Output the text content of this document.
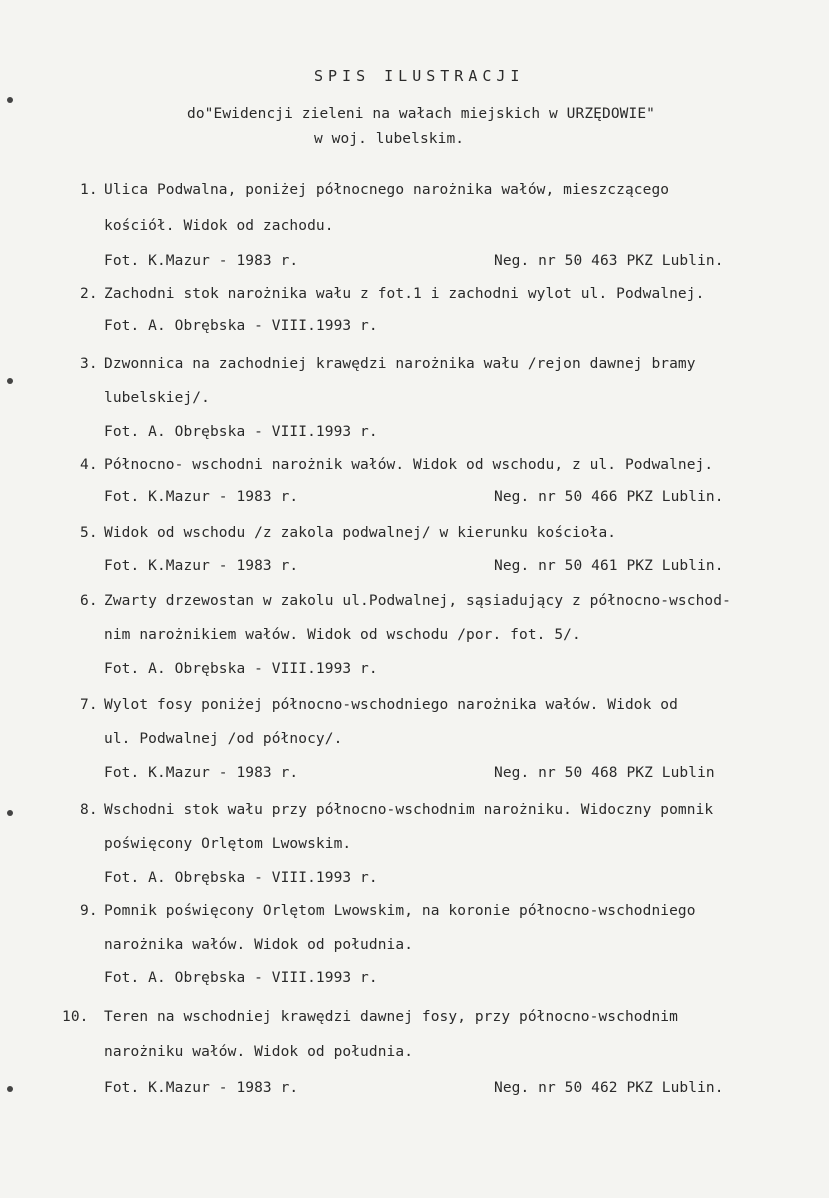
SPIS ILUSTRACJI
do"Ewidencji zieleni na wałach miejskich w URZĘDOWIE"
w woj. lubelskim.
1. Ulica Podwalna, poniżej północnego narożnika wałów, mieszczącego
kościół. Widok od zachodu.
Fot. K.Mazur - 1983 r.	Neg. nr 50 463 PKZ Lublin.
2. Zachodni stok narożnika wału z fot.1 i zachodni wylot ul. Podwalnej.
Fot. A. Obrębska - VIII.1993 r.
3. Dzwonnica na zachodniej krawędzi narożnika wału /rejon dawnej bramy
lubelskiej/.
Fot. A. Obrębska - VIII.1993 r.
4. Północno- wschodni narożnik wałów. Widok od wschodu, z ul. Podwalnej.
Fot. K.Mazur - 1983 r.	Neg. nr 50 466 PKZ Lublin.
5. Widok od wschodu /z zakola podwalnej/ w kierunku kościoła.
Fot. K.Mazur - 1983 r.	Neg. nr 50 461 PKZ Lublin.
6. Zwarty drzewostan w zakolu ul.Podwalnej, sąsiadujący z północno-wschod-
nim narożnikiem wałów. Widok od wschodu /por. fot. 5/.
Fot. A. Obrębska - VIII.1993 r.
7. Wylot fosy poniżej północno-wschodniego narożnika wałów. Widok od
ul. Podwalnej /od północy/.
Fot. K.Mazur - 1983 r.	Neg. nr 50 468 PKZ Lublin
8. Wschodni stok wału przy północno-wschodnim narożniku. Widoczny pomnik
poświęcony Orlętom Lwowskim.
Fot. A. Obrębska - VIII.1993 r.
9. Pomnik poświęcony Orlętom Lwowskim, na koronie północno-wschodniego
narożnika wałów. Widok od południa.
Fot. A. Obrębska - VIII.1993 r.
10. Teren na wschodniej krawędzi dawnej fosy, przy północno-wschodnim
narożniku wałów. Widok od południa.
Fot. K.Mazur - 1983 r.	Neg. nr 50 462 PKZ Lublin.
